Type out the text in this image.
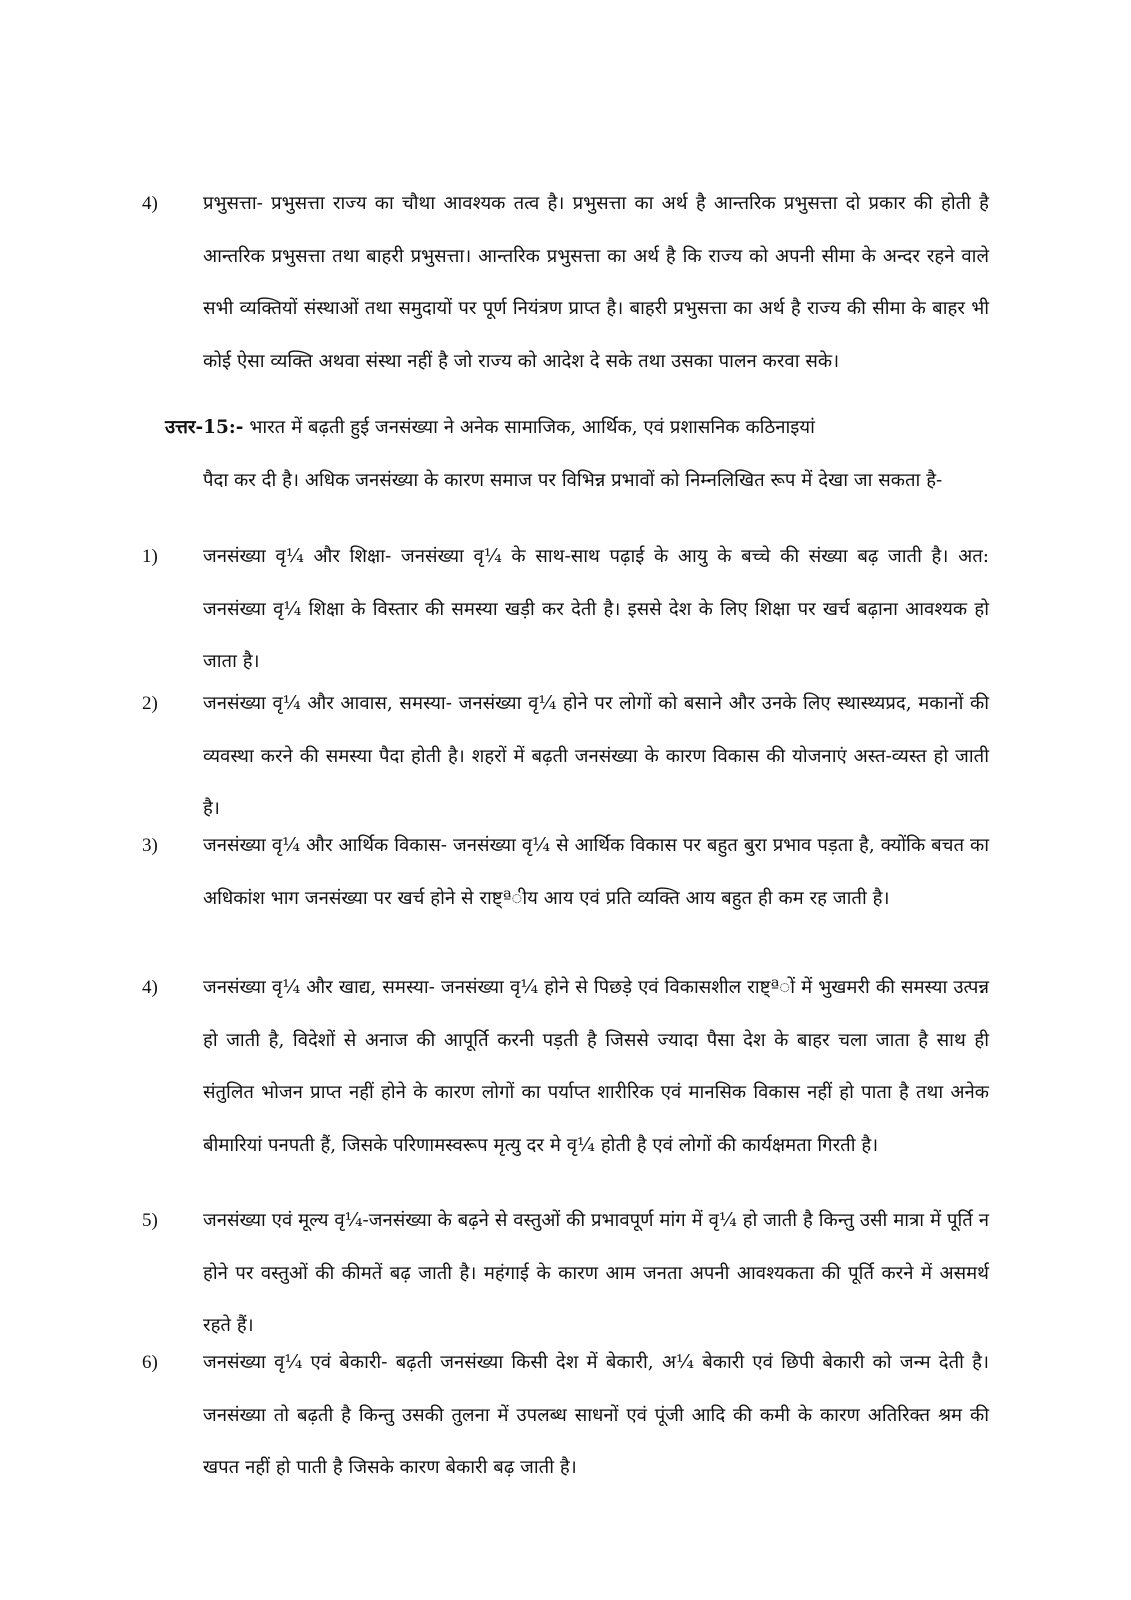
4) प्रभुसत्ता- प्रभुसत्ता राज्य का चौथा आवश्यक तत्व है। प्रभुसत्ता का अर्थ है आन्तरिक प्रभुसत्ता दो प्रकार की होती है आन्तरिक प्रभुसत्ता तथा बाहरी प्रभुसत्ता। आन्तरिक प्रभुसत्ता का अर्थ है कि राज्य को अपनी सीमा के अन्दर रहने वाले सभी व्यक्तियों संस्थाओं तथा समुदायों पर पूर्ण नियंत्रण प्राप्त है। बाहरी प्रभुसत्ता का अर्थ है राज्य की सीमा के बाहर भी कोई ऐसा व्यक्ति अथवा संस्था नहीं है जो राज्य को आदेश दे सके तथा उसका पालन करवा सके।
उत्तर-15:- भारत में बढ़ती हुई जनसंख्या ने अनेक सामाजिक, आर्थिक, एवं प्रशासनिक कठिनाइयां
पैदा कर दी है। अधिक जनसंख्या के कारण समाज पर विभिन्न प्रभावों को निम्नलिखित रूप में देखा जा सकता है-
1) जनसंख्या वृ¼ और शिक्षा- जनसंख्या वृ¼ के साथ-साथ पढ़ाई के आयु के बच्चे की संख्या बढ़ जाती है। अत: जनसंख्या वृ¼ शिक्षा के विस्तार की समस्या खड़ी कर देती है। इससे देश के लिए शिक्षा पर खर्च बढ़ाना आवश्यक हो जाता है।
2) जनसंख्या वृ¼ और आवास, समस्या- जनसंख्या वृ¼ होने पर लोगों को बसाने और उनके लिए स्थास्थ्यप्रद, मकानों की व्यवस्था करने की समस्या पैदा होती है। शहरों में बढ़ती जनसंख्या के कारण विकास की योजनाएं अस्त-व्यस्त हो जाती है।
3) जनसंख्या वृ¼ और आर्थिक विकास- जनसंख्या वृ¼ से आर्थिक विकास पर बहुत बुरा प्रभाव पड़ता है, क्योंकि बचत का अधिकांश भाग जनसंख्या पर खर्च होने से राष्ट्ªीय आय एवं प्रति व्यक्ति आय बहुत ही कम रह जाती है।
4) जनसंख्या वृ¼ और खाद्य, समस्या- जनसंख्या वृ¼ होने से पिछड़े एवं विकासशील राष्ट्ªों में भुखमरी की समस्या उत्पन्न हो जाती है, विदेशों से अनाज की आपूर्ति करनी पड़ती है जिससे ज्यादा पैसा देश के बाहर चला जाता है साथ ही संतुलित भोजन प्राप्त नहीं होने के कारण लोगों का पर्याप्त शारीरिक एवं मानसिक विकास नहीं हो पाता है तथा अनेक बीमारियां पनपती हैं, जिसके परिणामस्वरूप मृत्यु दर मे वृ¼ होती है एवं लोगों की कार्यक्षमता गिरती है।
5) जनसंख्या एवं मूल्य वृ¼-जनसंख्या के बढ़ने से वस्तुओं की प्रभावपूर्ण मांग में वृ¼ हो जाती है किन्तु उसी मात्रा में पूर्ति न होने पर वस्तुओं की कीमतें बढ़ जाती है। महंगाई के कारण आम जनता अपनी आवश्यकता की पूर्ति करने में असमर्थ रहते हैं।
6) जनसंख्या वृ¼ एवं बेकारी- बढ़ती जनसंख्या किसी देश में बेकारी, अ¼ बेकारी एवं छिपी बेकारी को जन्म देती है। जनसंख्या तो बढ़ती है किन्तु उसकी तुलना में उपलब्ध साधनों एवं पूंजी आदि की कमी के कारण अतिरिक्त श्रम की खपत नहीं हो पाती है जिसके कारण बेकारी बढ़ जाती है।
